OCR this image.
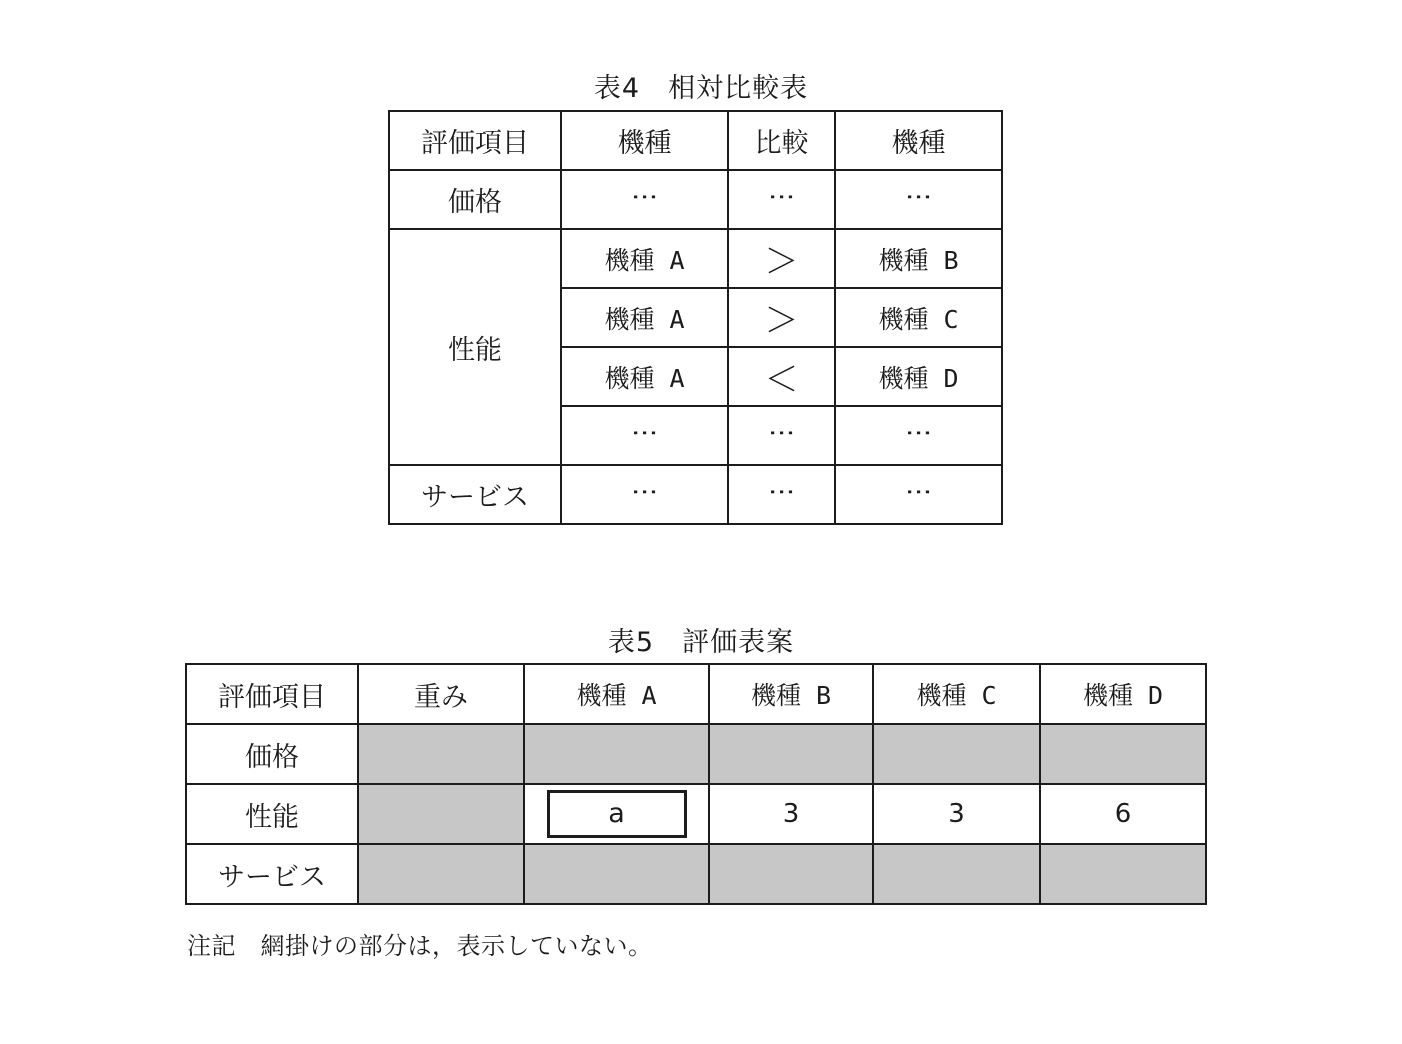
表4　相対比較表
評価項目	機種	比較	機種
価格	⋮	⋮	⋮
性能	機種 A	＞	機種 B
	機種 A	＞	機種 C
	機種 A	＜	機種 D
	⋮	⋮	⋮
サービス	⋮	⋮	⋮
表5　評価表案
評価項目	重み	機種 A	機種 B	機種 C	機種 D
価格					
性能		a	3	3	6
サービス					
注記　網掛けの部分は，表示していない。
